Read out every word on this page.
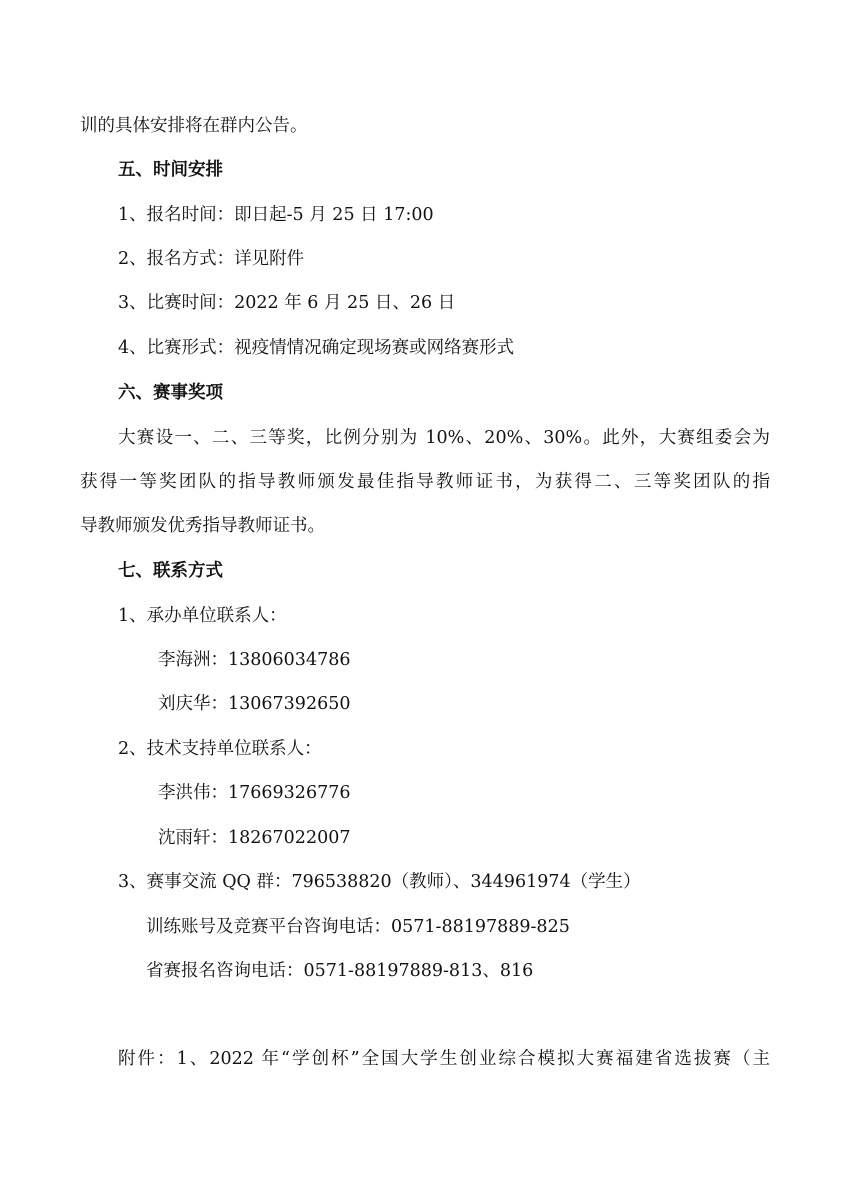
训的具体安排将在群内公告。
五、时间安排
1、报名时间：即日起-5 月 25 日 17:00
2、报名方式：详见附件
3、比赛时间：2022 年 6 月 25 日、26 日
4、比赛形式：视疫情情况确定现场赛或网络赛形式
六、赛事奖项
大赛设一、二、三等奖，比例分别为 10%、20%、30%。此外，大赛组委会为
获得一等奖团队的指导教师颁发最佳指导教师证书，为获得二、三等奖团队的指
导教师颁发优秀指导教师证书。
七、联系方式
1、承办单位联系人：
李海洲：13806034786
刘庆华：13067392650
2、技术支持单位联系人：
李洪伟：17669326776
沈雨轩：18267022007
3、赛事交流 QQ 群：796538820（教师）、344961974（学生）
训练账号及竞赛平台咨询电话：0571-88197889-825
省赛报名咨询电话：0571-88197889-813、816
附件：1、2022 年“学创杯”全国大学生创业综合模拟大赛福建省选拔赛（主
